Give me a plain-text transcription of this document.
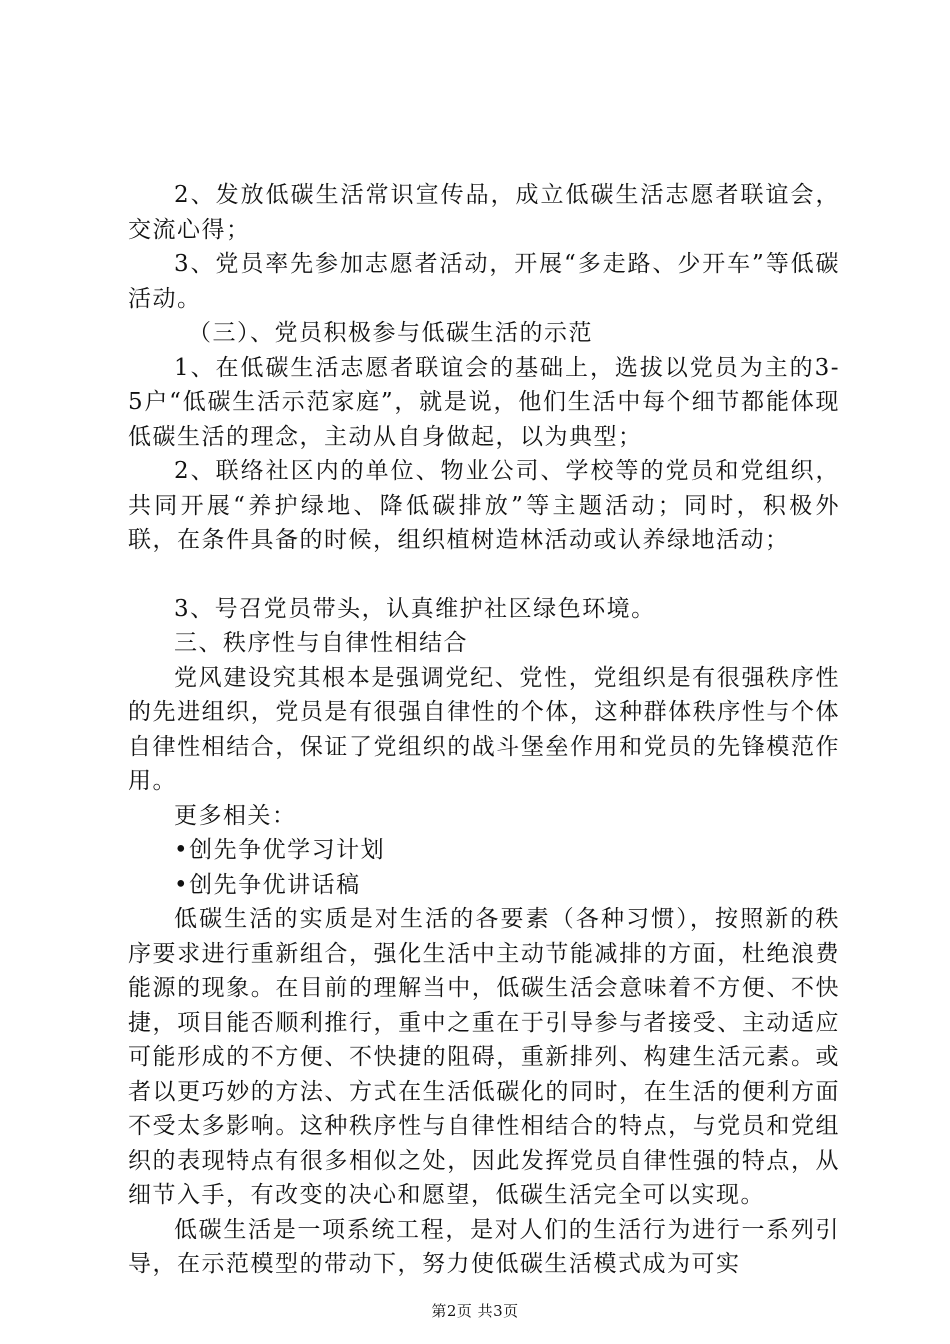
2、发放低碳生活常识宣传品，成立低碳生活志愿者联谊会，交流心得；

3、党员率先参加志愿者活动，开展“多走路、少开车”等低碳活动。

（三）、党员积极参与低碳生活的示范

1、在低碳生活志愿者联谊会的基础上，选拔以党员为主的3-5户“低碳生活示范家庭”，就是说，他们生活中每个细节都能体现低碳生活的理念，主动从自身做起，以为典型；

2、联络社区内的单位、物业公司、学校等的党员和党组织，共同开展“养护绿地、降低碳排放”等主题活动；同时，积极外联，在条件具备的时候，组织植树造林活动或认养绿地活动；

3、号召党员带头，认真维护社区绿色环境。

三、秩序性与自律性相结合

党风建设究其根本是强调党纪、党性，党组织是有很强秩序性的先进组织，党员是有很强自律性的个体，这种群体秩序性与个体自律性相结合，保证了党组织的战斗堡垒作用和党员的先锋模范作用。

更多相关：

•创先争优学习计划

•创先争优讲话稿

低碳生活的实质是对生活的各要素（各种习惯），按照新的秩序要求进行重新组合，强化生活中主动节能减排的方面，杜绝浪费能源的现象。在目前的理解当中，低碳生活会意味着不方便、不快捷，项目能否顺利推行，重中之重在于引导参与者接受、主动适应可能形成的不方便、不快捷的阻碍，重新排列、构建生活元素。或者以更巧妙的方法、方式在生活低碳化的同时，在生活的便利方面不受太多影响。这种秩序性与自律性相结合的特点，与党员和党组织的表现特点有很多相似之处，因此发挥党员自律性强的特点，从细节入手，有改变的决心和愿望，低碳生活完全可以实现。

低碳生活是一项系统工程，是对人们的生活行为进行一系列引导，在示范模型的带动下，努力使低碳生活模式成为可实

第2页 共3页
